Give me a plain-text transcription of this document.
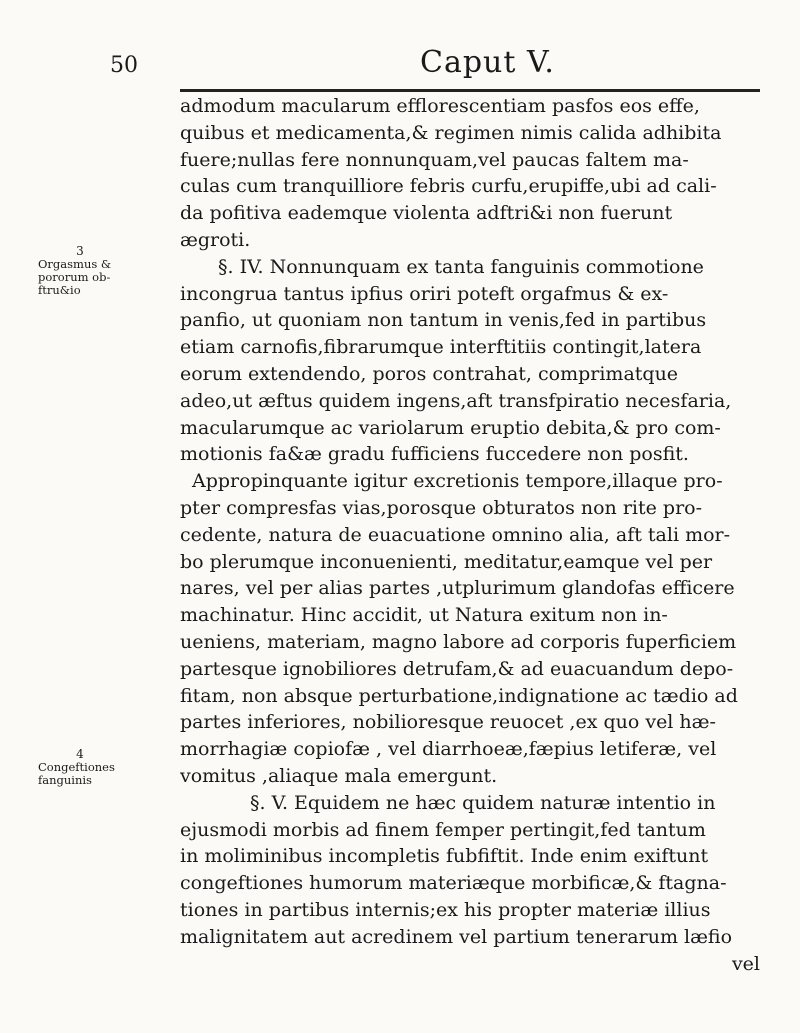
50	Caput V.
3
Orgasmus &
pororum ob-
ftru&io
4
Congeftiones
fanguinis
admodum macularum efflorescentiam pasfos eos effe,
quibus et medicamenta,& regimen nimis calida adhibita
fuere;nullas fere nonnunquam,vel paucas faltem ma-
culas cum tranquilliore febris curfu,erupiffe,ubi ad cali-
da pofitiva eademque violenta adftri&i non fuerunt
ægroti.
§. IV. Nonnunquam ex tanta fanguinis commotione
incongrua tantus ipfius oriri poteft orgafmus & ex-
panfio, ut quoniam non tantum in venis,fed in partibus
etiam carnofis,fibrarumque interftitiis contingit,latera
eorum extendendo, poros contrahat, comprimatque
adeo,ut æftus quidem ingens,aft transfpiratio necesfaria,
macularumque ac variolarum eruptio debita,& pro com-
motionis fa&æ gradu fufficiens fuccedere non posfit.
Appropinquante igitur excretionis tempore,illaque pro-
pter compresfas vias,porosque obturatos non rite pro-
cedente, natura de euacuatione omnino alia, aft tali mor-
bo plerumque inconuenienti, meditatur,eamque vel per
nares, vel per alias partes ,utplurimum glandofas efficere
machinatur. Hinc accidit, ut Natura exitum non in-
ueniens, materiam, magno labore ad corporis fuperficiem
partesque ignobiliores detrufam,& ad euacuandum depo-
fitam, non absque perturbatione,indignatione ac tædio ad
partes inferiores, nobilioresque reuocet ,ex quo vel hæ-
morrhagiæ copiofæ , vel diarrhoeæ,fæpius letiferæ, vel
vomitus ,aliaque mala emergunt.
§. V. Equidem ne hæc quidem naturæ intentio in
ejusmodi morbis ad finem femper pertingit,fed tantum
in moliminibus incompletis fubfiftit. Inde enim exiftunt
congeftiones humorum materiæque morbificæ,& ftagna-
tiones in partibus internis;ex his propter materiæ illius
malignitatem aut acredinem vel partium tenerarum læfio
vel
